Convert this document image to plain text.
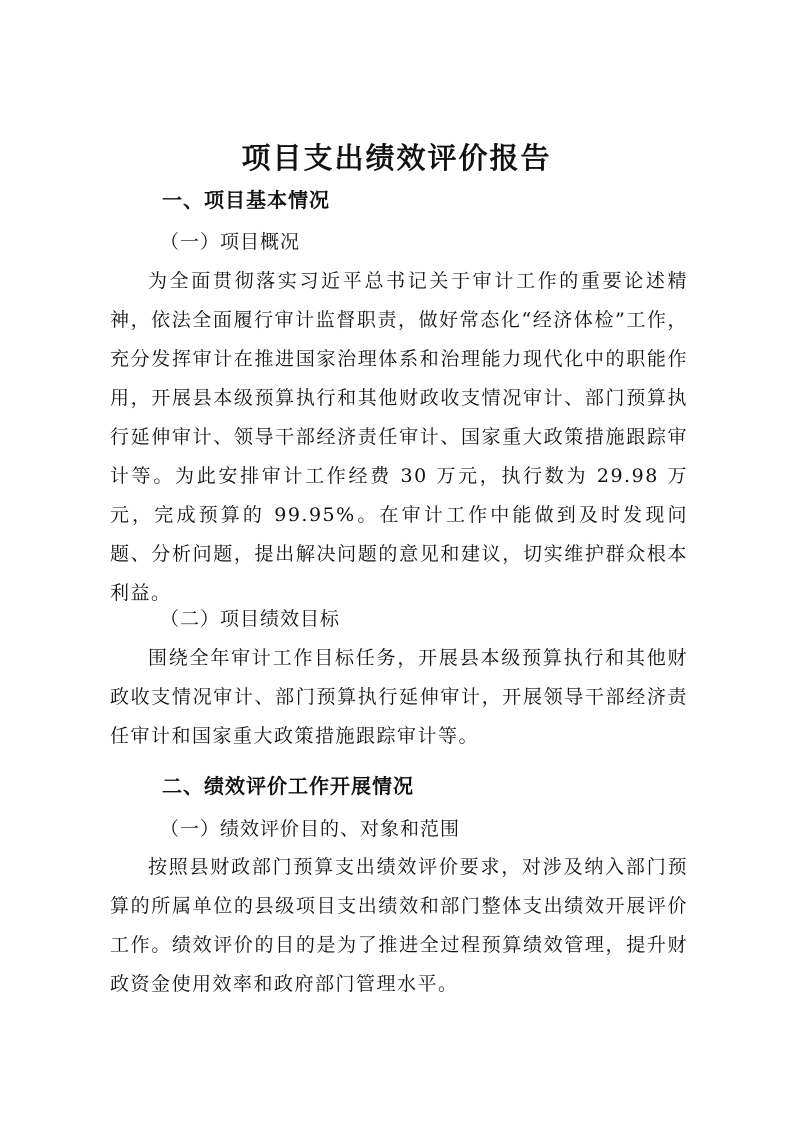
项目支出绩效评价报告
一、项目基本情况
（一）项目概况
为全面贯彻落实习近平总书记关于审计工作的重要论述精神，依法全面履行审计监督职责，做好常态化“经济体检”工作，充分发挥审计在推进国家治理体系和治理能力现代化中的职能作用，开展县本级预算执行和其他财政收支情况审计、部门预算执行延伸审计、领导干部经济责任审计、国家重大政策措施跟踪审计等。为此安排审计工作经费 30 万元，执行数为 29.98 万元，完成预算的 99.95%。在审计工作中能做到及时发现问题、分析问题，提出解决问题的意见和建议，切实维护群众根本利益。
（二）项目绩效目标
围绕全年审计工作目标任务，开展县本级预算执行和其他财政收支情况审计、部门预算执行延伸审计，开展领导干部经济责任审计和国家重大政策措施跟踪审计等。
二、绩效评价工作开展情况
（一）绩效评价目的、对象和范围
按照县财政部门预算支出绩效评价要求，对涉及纳入部门预算的所属单位的县级项目支出绩效和部门整体支出绩效开展评价工作。绩效评价的目的是为了推进全过程预算绩效管理，提升财政资金使用效率和政府部门管理水平。
